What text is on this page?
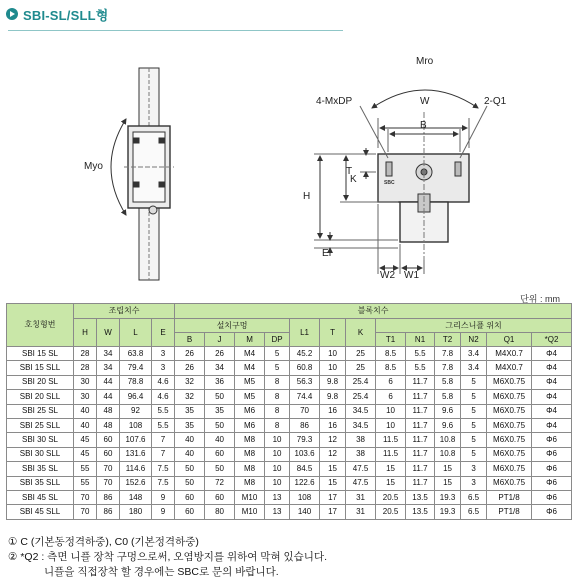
SBI-SL/SLL형
Myo
Mro
4-MxDP	W	2-Q1
B
T
H
K
E
W2 W1
SBC
단위 : mm
호칭형번	조립치수				블록치수												
	H	W	L	E	설치구멍				L1	T	K	그리스니플 위치					
					B	J	M	DP				T1	N1	T2	N2	Q1	*Q2
SBI 15 SL	28	34	63.8	3	26	26	M4	5	45.2	10	25	8.5	5.5	7.8	3.4	M4X0.7	Φ4
SBI 15 SLL	28	34	79.4	3	26	34	M4	5	60.8	10	25	8.5	5.5	7.8	3.4	M4X0.7	Φ4
SBI 20 SL	30	44	78.8	4.6	32	36	M5	8	56.3	9.8	25.4	6	11.7	5.8	5	M6X0.75	Φ4
SBI 20 SLL	30	44	96.4	4.6	32	50	M5	8	74.4	9.8	25.4	6	11.7	5.8	5	M6X0.75	Φ4
SBI 25 SL	40	48	92	5.5	35	35	M6	8	70	16	34.5	10	11.7	9.6	5	M6X0.75	Φ4
SBI 25 SLL	40	48	108	5.5	35	50	M6	8	86	16	34.5	10	11.7	9.6	5	M6X0.75	Φ4
SBI 30 SL	45	60	107.6	7	40	40	M8	10	79.3	12	38	11.5	11.7	10.8	5	M6X0.75	Φ6
SBI 30 SLL	45	60	131.6	7	40	60	M8	10	103.6	12	38	11.5	11.7	10.8	5	M6X0.75	Φ6
SBI 35 SL	55	70	114.6	7.5	50	50	M8	10	84.5	15	47.5	15	11.7	15	3	M6X0.75	Φ6
SBI 35 SLL	55	70	152.6	7.5	50	72	M8	10	122.6	15	47.5	15	11.7	15	3	M6X0.75	Φ6
SBI 45 SL	70	86	148	9	60	60	M10	13	108	17	31	20.5	13.5	19.3	6.5	PT1/8	Φ6
SBI 45 SLL	70	86	180	9	60	80	M10	13	140	17	31	20.5	13.5	19.3	6.5	PT1/8	Φ6
① C (기본동정격하중), C0 (기본정격하중)
② *Q2 : 측면 니플 장착 구멍으로써, 오염방지를 위하여 막혀 있습니다.
니플을 직접장착 할 경우에는 SBC로 문의 바랍니다.
